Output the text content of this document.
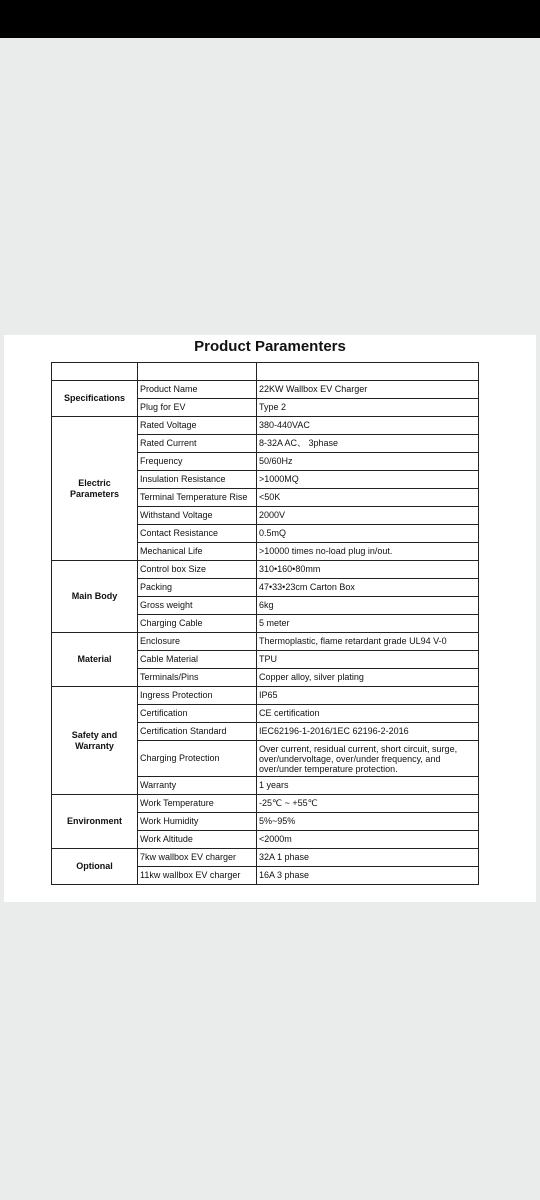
Product Paramenters

Specifications	Product Name	22KW Wallbox EV Charger
	Plug for EV	Type 2
Electric Parameters	Rated Voltage	380-440VAC
	Rated Current	8-32A AC、 3phase
	Frequency	50/60Hz
	Insulation Resistance	>1000MQ
	Terminal Temperature Rise	<50K
	Withstand Voltage	2000V
	Contact Resistance	0.5mQ
	Mechanical Life	>10000 times no-load plug in/out.
Main Body	Control box Size	310•160•80mm
	Packing	47•33•23cm Carton Box
	Gross weight	6kg
	Charging Cable	5 meter
Material	Enclosure	Thermoplastic, flame retardant grade UL94 V-0
	Cable Material	TPU
	Terminals/Pins	Copper alloy, silver plating
Safety and Warranty	Ingress Protection	IP65
	Certification	CE certification
	Certification Standard	IEC62196-1-2016/1EC 62196-2-2016
	Charging Protection	Over current, residual current, short circuit, surge, over/undervoltage, over/under frequency, and over/under temperature protection.
	Warranty	1 years
Environment	Work Temperature	-25℃ ~ +55℃
	Work Humidity	5%~95%
	Work Altitude	<2000m
Optional	7kw wallbox EV charger	32A 1 phase
	11kw wallbox EV charger	16A 3 phase
